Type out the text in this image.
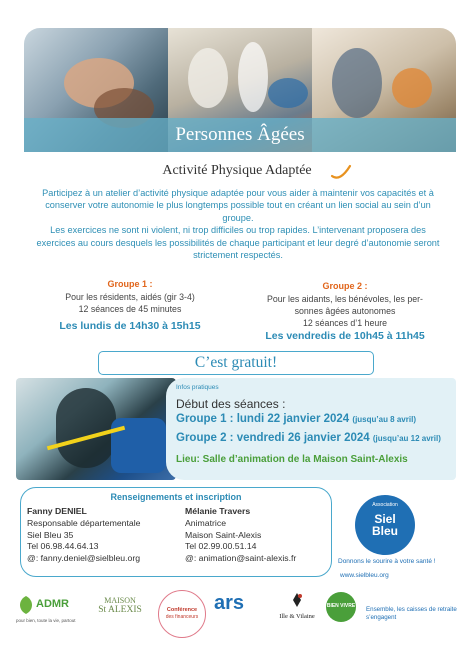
Personnes Âgées
Activité Physique Adaptée

Participez à un atelier d’activité physique adaptée pour vous aider à maintenir vos capacités et à conserver votre autonomie le plus longtemps possible tout en créant un lien social au sein d’un groupe.

Les exercices ne sont ni violent, ni trop difficiles ou trop rapides. L’intervenant proposera des exercices au cours desquels les possibilités de chaque participant et leur degré d’autonomie seront strictement respectés.

Groupe 1 :
Pour les résidents, aidés (gir 3-4)
12 séances de 45 minutes
Les lundis de 14h30 à 15h15
Groupe 2 :
Pour les aidants, les bénévoles, les per-
sonnes âgées autonomes
12 séances d’1 heure
Les vendredis de 10h45 à 11h45
C’est gratuit!
Infos pratiques
Début des séances :
Groupe 1 : lundi 22 janvier 2024 (jusqu’au 8 avril)
Groupe 2 : vendredi 26 janvier 2024 (jusqu’au 12 avril)
Lieu: Salle d’animation de la Maison Saint-Alexis
Renseignements et inscription
Fanny DENIEL
Responsable départementale
Siel Bleu 35
Tel 06.98.44.64.13
@: fanny.deniel@sielbleu.org
Mélanie Travers
Animatrice
Maison Saint-Alexis
Tel 02.99.00.51.14
@: animation@saint-alexis.fr
Association
Siel
Bleu
Donnons le sourire à votre santé !
www.sielbleu.org
ADMR
pour bien, toute la vie, partout
MAISON
St ALEXIS	Conférence
des financeurs
ars
Ille & Vilaine
BIEN VIVRE Ensemble, les caisses de retraite s’engagent
